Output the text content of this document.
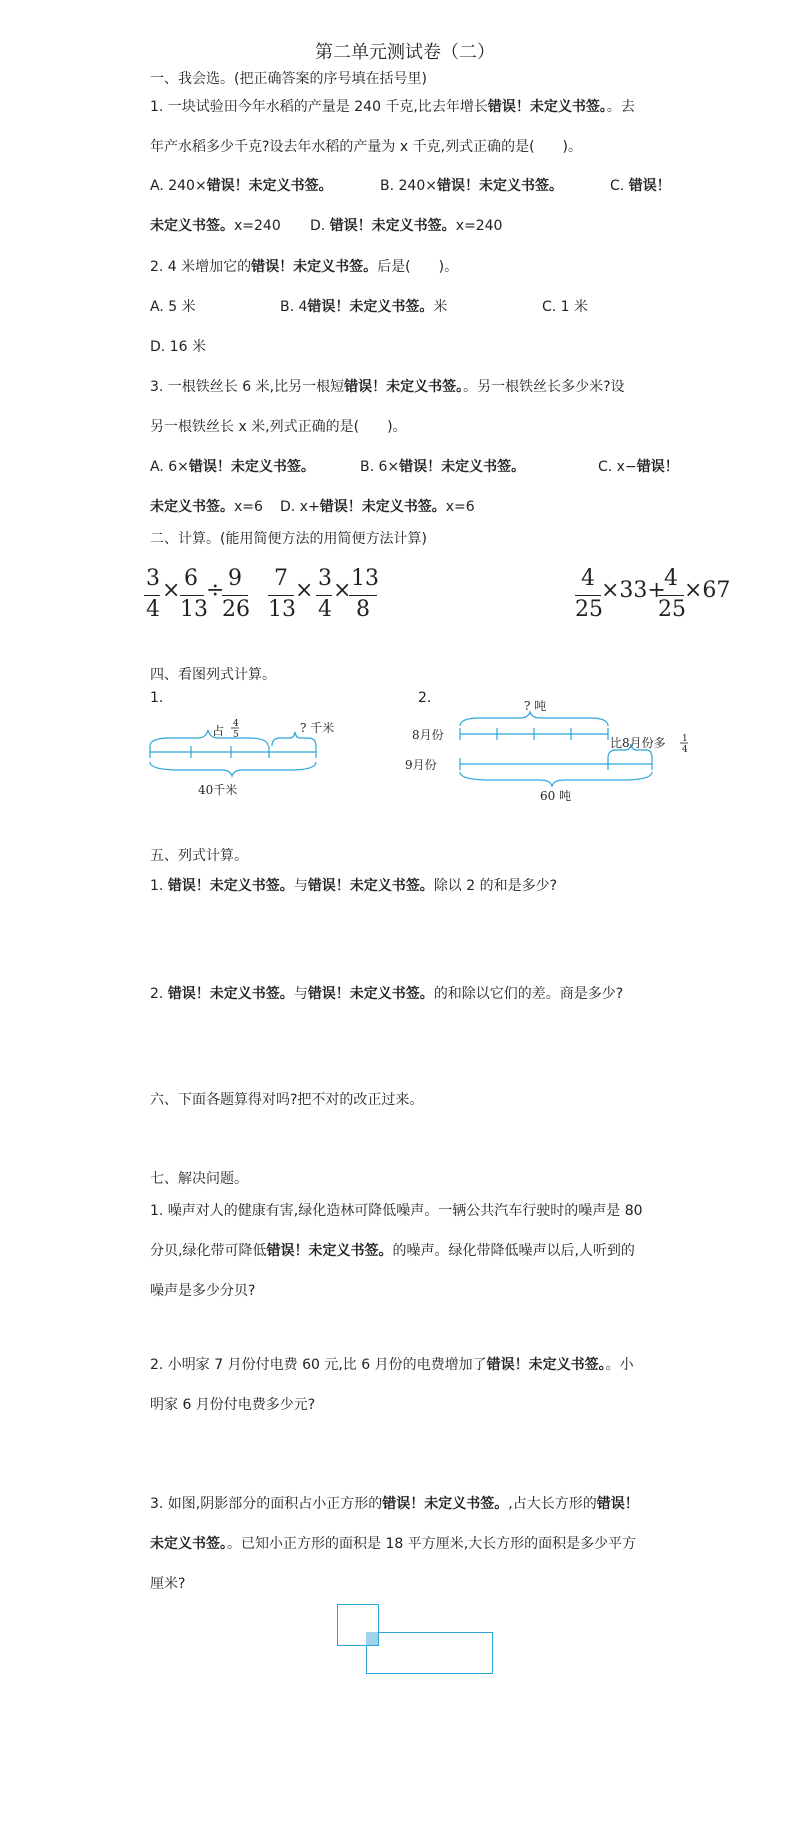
第二单元测试卷（二）
一、我会选。(把正确答案的序号填在括号里)
1. 一块试验田今年水稻的产量是 240 千克,比去年增长错误！未定义书签。。去
年产水稻多少千克?设去年水稻的产量为 x 千克,列式正确的是(　　)。
A. 240×错误！未定义书签。	B. 240×错误！未定义书签。	C. 错误！
未定义书签。x=240 D. 错误！未定义书签。x=240
2. 4 米增加它的错误！未定义书签。后是(　　)。
A. 5 米	B. 4错误！未定义书签。米	C. 1 米
D. 16 米
3. 一根铁丝长 6 米,比另一根短错误！未定义书签。。另一根铁丝长多少米?设
另一根铁丝长 x 米,列式正确的是(　　)。
A. 6×错误！未定义书签。	B. 6×错误！未定义书签。	C. x−错误！
未定义书签。x=6 D. x+错误！未定义书签。x=6
二、计算。(能用简便方法的用简便方法计算)
3
4
× 6
13
÷ 9
26
7
13
× 3
4
× 13
8
4
25
×33+
4
25
×67
四、看图列式计算。
1.	2.
占 4
5	? 千米
40千米
? 吨
8月份
9月份
比8月份多 1
4
60 吨
五、列式计算。
1. 错误！未定义书签。与错误！未定义书签。除以 2 的和是多少?
2. 错误！未定义书签。与错误！未定义书签。的和除以它们的差。商是多少?
六、下面各题算得对吗?把不对的改正过来。
七、解决问题。
1. 噪声对人的健康有害,绿化造林可降低噪声。一辆公共汽车行驶时的噪声是 80
分贝,绿化带可降低错误！未定义书签。的噪声。绿化带降低噪声以后,人听到的
噪声是多少分贝?
2. 小明家 7 月份付电费 60 元,比 6 月份的电费增加了错误！未定义书签。。小
明家 6 月份付电费多少元?
3. 如图,阴影部分的面积占小正方形的错误！未定义书签。,占大长方形的错误！
未定义书签。。已知小正方形的面积是 18 平方厘米,大长方形的面积是多少平方
厘米?
